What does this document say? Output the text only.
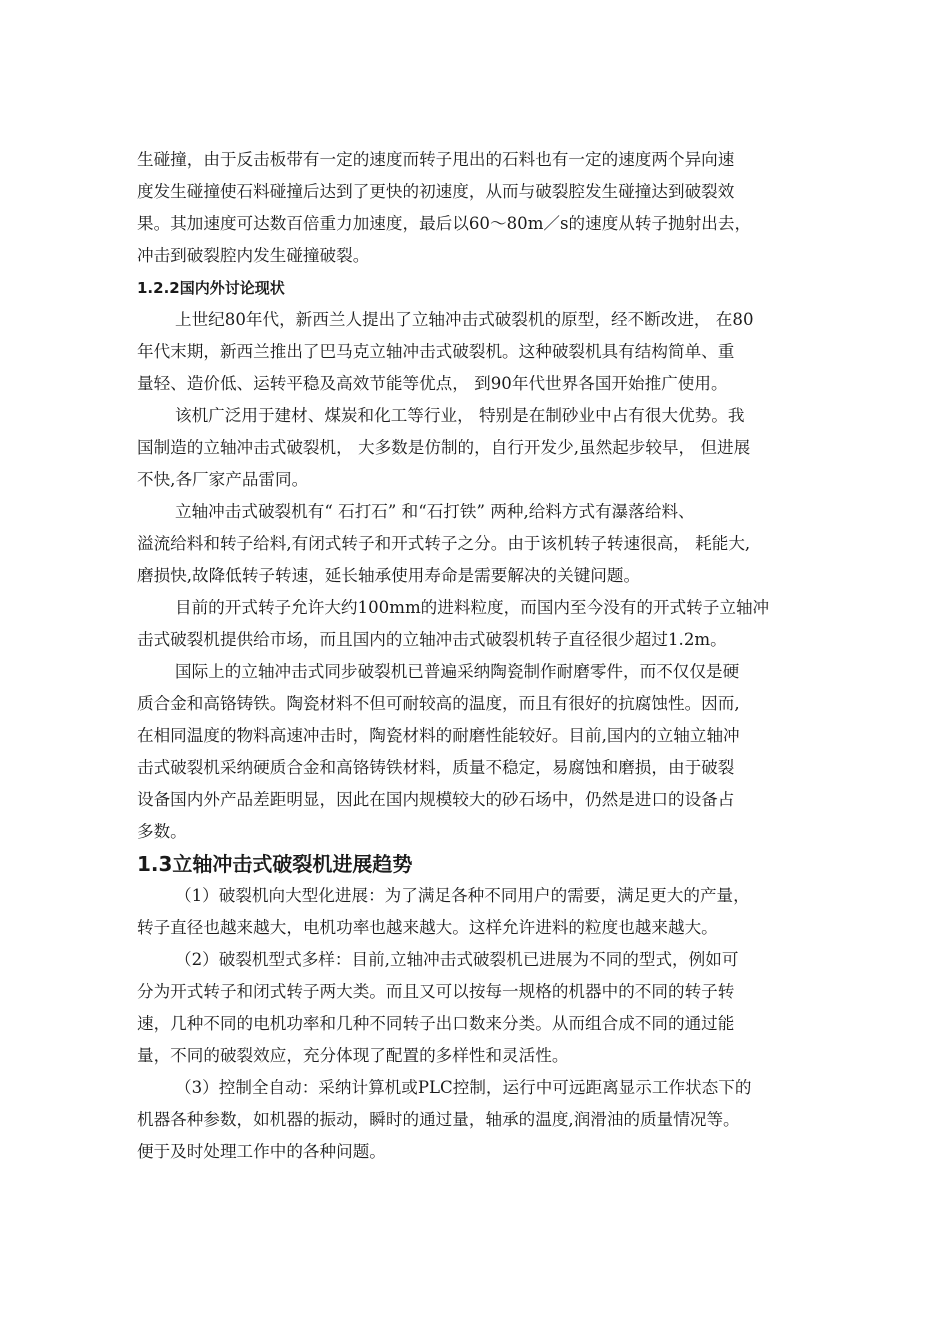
生碰撞，由于反击板带有一定的速度而转子甩出的石料也有一定的速度两个异向速
度发生碰撞使石料碰撞后达到了更快的初速度，从而与破裂腔发生碰撞达到破裂效
果。其加速度可达数百倍重力加速度，最后以60～80m／s的速度从转子抛射出去，
冲击到破裂腔内发生碰撞破裂。
1.2.2国内外讨论现状
上世纪80年代，新西兰人提出了立轴冲击式破裂机的原型，经不断改进， 在80
年代末期，新西兰推出了巴马克立轴冲击式破裂机。这种破裂机具有结构简单、重
量轻、造价低、运转平稳及高效节能等优点， 到90年代世界各国开始推广使用。
该机广泛用于建材、煤炭和化工等行业， 特别是在制砂业中占有很大优势。我
国制造的立轴冲击式破裂机， 大多数是仿制的，自行开发少,虽然起步较早， 但进展
不快,各厂家产品雷同。
立轴冲击式破裂机有“ 石打石” 和“石打铁” 两种,给料方式有瀑落给料、
溢流给料和转子给料,有闭式转子和开式转子之分。由于该机转子转速很高， 耗能大,
磨损快,故降低转子转速，延长轴承使用寿命是需要解决的关键问题。
目前的开式转子允许大约100mm的进料粒度，而国内至今没有的开式转子立轴冲
击式破裂机提供给市场，而且国内的立轴冲击式破裂机转子直径很少超过1.2m。
国际上的立轴冲击式同步破裂机已普遍采纳陶瓷制作耐磨零件，而不仅仅是硬
质合金和高铬铸铁。陶瓷材料不但可耐较高的温度，而且有很好的抗腐蚀性。因而,
在相同温度的物料高速冲击时，陶瓷材料的耐磨性能较好。目前,国内的立轴立轴冲
击式破裂机采纳硬质合金和高铬铸铁材料，质量不稳定，易腐蚀和磨损，由于破裂
设备国内外产品差距明显，因此在国内规模较大的砂石场中，仍然是进口的设备占
多数。
1.3立轴冲击式破裂机进展趋势
（1）破裂机向大型化进展：为了满足各种不同用户的需要，满足更大的产量，
转子直径也越来越大，电机功率也越来越大。这样允许进料的粒度也越来越大。
（2）破裂机型式多样：目前,立轴冲击式破裂机已进展为不同的型式，例如可
分为开式转子和闭式转子两大类。而且又可以按每一规格的机器中的不同的转子转
速，几种不同的电机功率和几种不同转子出口数来分类。从而组合成不同的通过能
量，不同的破裂效应，充分体现了配置的多样性和灵活性。
（3）控制全自动：采纳计算机或PLC控制，运行中可远距离显示工作状态下的
机器各种参数，如机器的振动，瞬时的通过量，轴承的温度,润滑油的质量情况等。
便于及时处理工作中的各种问题。
